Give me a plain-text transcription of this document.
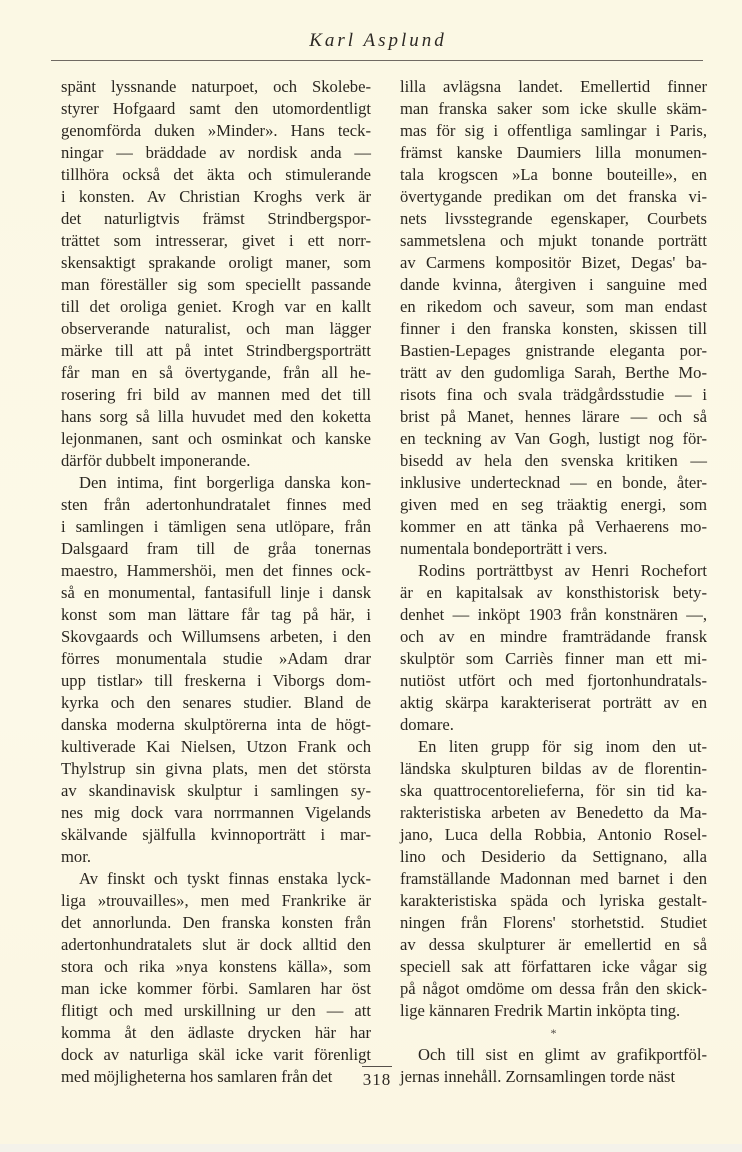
Karl Asplund
spänt lyssnande naturpoet, och Skolebe-
styrer Hofgaard samt den utomordentligt
genomförda duken »Minder». Hans teck-
ningar — bräddade av nordisk anda —
tillhöra också det äkta och stimulerande
i konsten. Av Christian Kroghs verk är
det naturligtvis främst Strindbergspor-
trättet som intresserar, givet i ett norr-
skensaktigt sprakande oroligt maner, som
man föreställer sig som speciellt passande
till det oroliga geniet. Krogh var en kallt
observerande naturalist, och man lägger
märke till att på intet Strindbergsporträtt
får man en så övertygande, från all he-
rosering fri bild av mannen med det till
hans sorg så lilla huvudet med den koketta
lejonmanen, sant och osminkat och kanske
därför dubbelt imponerande.
Den intima, fint borgerliga danska kon-
sten från adertonhundratalet finnes med
i samlingen i tämligen sena utlöpare, från
Dalsgaard fram till de gråa tonernas
maestro, Hammershöi, men det finnes ock-
så en monumental, fantasifull linje i dansk
konst som man lättare får tag på här, i
Skovgaards och Willumsens arbeten, i den
förres monumentala studie »Adam drar
upp tistlar» till freskerna i Viborgs dom-
kyrka och den senares studier. Bland de
danska moderna skulptörerna inta de högt-
kultiverade Kai Nielsen, Utzon Frank och
Thylstrup sin givna plats, men det största
av skandinavisk skulptur i samlingen sy-
nes mig dock vara norrmannen Vigelands
skälvande själfulla kvinnoporträtt i mar-
mor.
Av finskt och tyskt finnas enstaka lyck-
liga »trouvailles», men med Frankrike är
det annorlunda. Den franska konsten från
adertonhundratalets slut är dock alltid den
stora och rika »nya konstens källa», som
man icke kommer förbi. Samlaren har öst
flitigt och med urskillning ur den — att
komma åt den ädlaste drycken här har
dock av naturliga skäl icke varit förenligt
med möjligheterna hos samlaren från det
lilla avlägsna landet. Emellertid finner
man franska saker som icke skulle skäm-
mas för sig i offentliga samlingar i Paris,
främst kanske Daumiers lilla monumen-
tala krogscen »La bonne bouteille», en
övertygande predikan om det franska vi-
nets livsstegrande egenskaper, Courbets
sammetslena och mjukt tonande porträtt
av Carmens kompositör Bizet, Degas' ba-
dande kvinna, återgiven i sanguine med
en rikedom och saveur, som man endast
finner i den franska konsten, skissen till
Bastien-Lepages gnistrande eleganta por-
trätt av den gudomliga Sarah, Berthe Mo-
risots fina och svala trädgårdsstudie — i
brist på Manet, hennes lärare — och så
en teckning av Van Gogh, lustigt nog för-
bisedd av hela den svenska kritiken —
inklusive undertecknad — en bonde, åter-
given med en seg träaktig energi, som
kommer en att tänka på Verhaerens mo-
numentala bondeporträtt i vers.
Rodins porträttbyst av Henri Rochefort
är en kapitalsak av konsthistorisk bety-
denhet — inköpt 1903 från konstnären —,
och av en mindre framträdande fransk
skulptör som Carriès finner man ett mi-
nutiöst utfört och med fjortonhundratals-
aktig skärpa karakteriserat porträtt av en
domare.
En liten grupp för sig inom den ut-
ländska skulpturen bildas av de florentin-
ska quattrocentorelieferna, för sin tid ka-
rakteristiska arbeten av Benedetto da Ma-
jano, Luca della Robbia, Antonio Rosel-
lino och Desiderio da Settignano, alla
framställande Madonnan med barnet i den
karakteristiska späda och lyriska gestalt-
ningen från Florens' storhetstid. Studiet
av dessa skulpturer är emellertid en så
speciell sak att författaren icke vågar sig
på något omdöme om dessa från den skick-
lige kännaren Fredrik Martin inköpta ting.
*
Och till sist en glimt av grafikportföl-
jernas innehåll. Zornsamlingen torde näst
318
